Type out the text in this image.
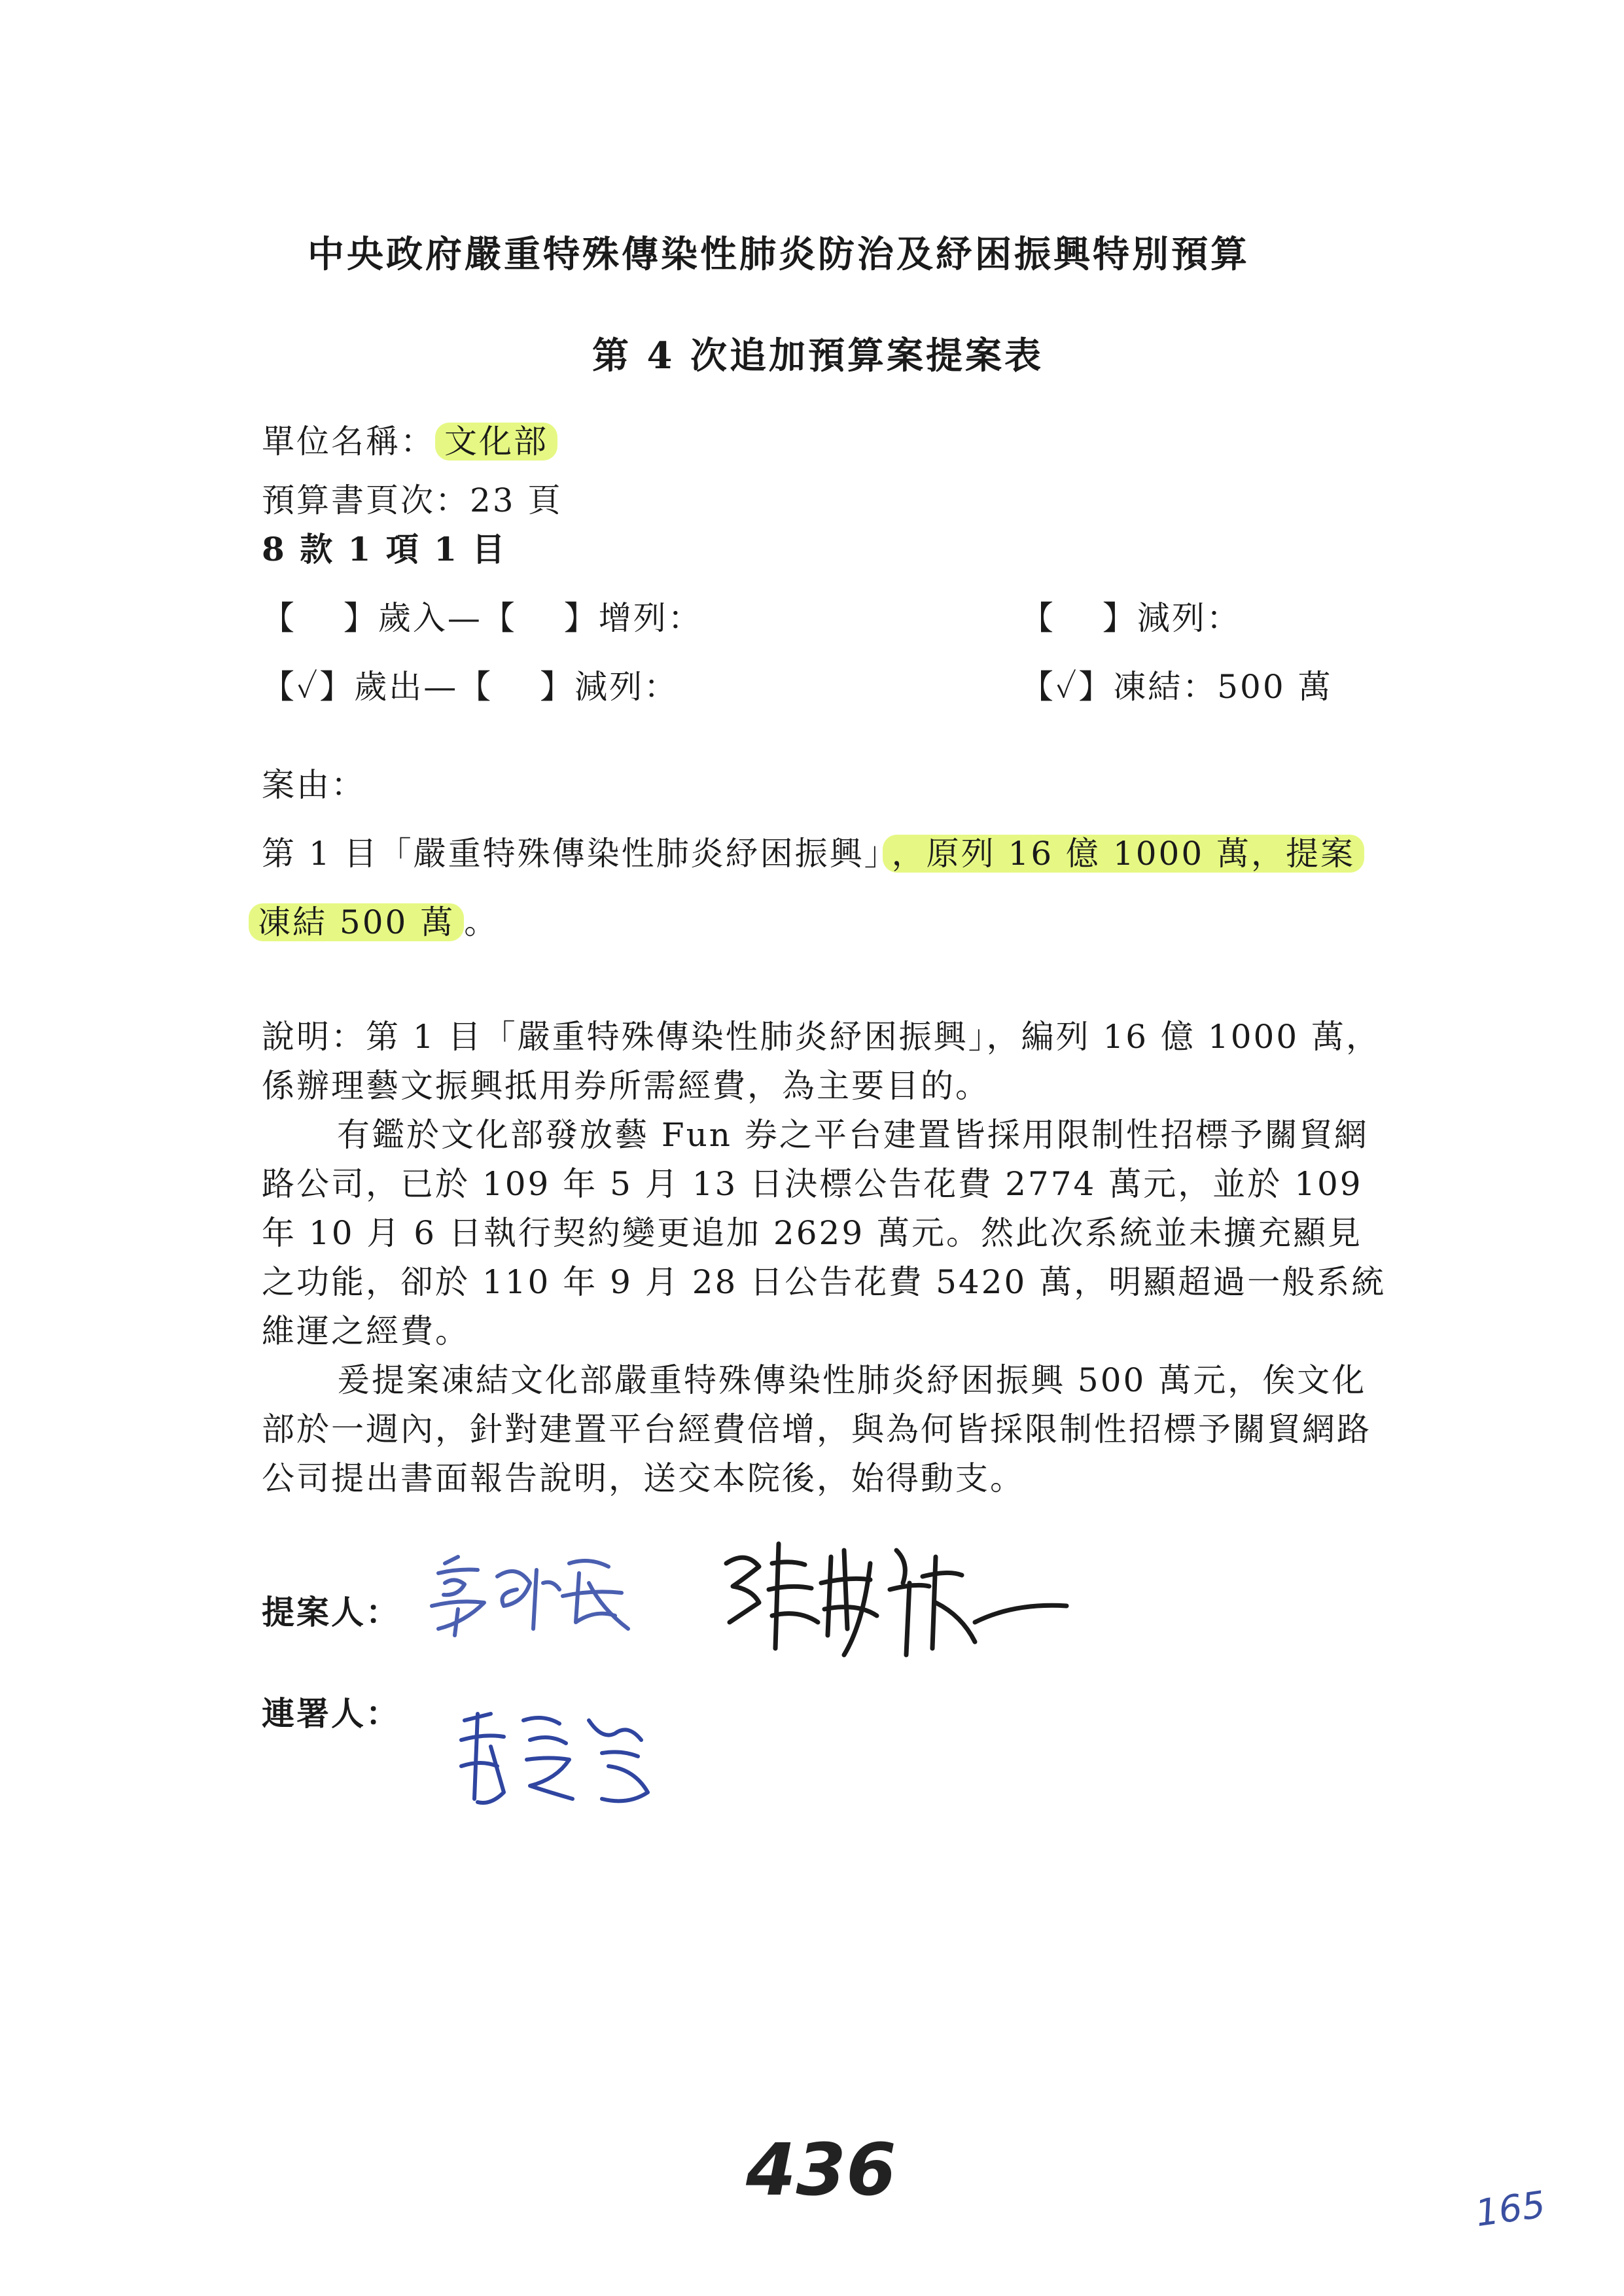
中央政府嚴重特殊傳染性肺炎防治及紓困振興特別預算
第 4 次追加預算案提案表
單位名稱： 文化部
預算書頁次：23 頁
8 款 1 項 1 目
【　 】歲入—【　 】增列：	【　 】減列：
【✓】歲出—【　 】減列：	【✓】凍結：500 萬
案由：
第 1 目「嚴重特殊傳染性肺炎紓困振興」 ，原列 16 億 1000 萬，提案
凍結 500 萬 。

說明：第 1 目「嚴重特殊傳染性肺炎紓困振興」，編列 16 億 1000 萬，係辦理藝文振興抵用券所需經費，為主要目的。

有鑑於文化部發放藝 Fun 券之平台建置皆採用限制性招標予關貿網路公司，已於 109 年 5 月 13 日決標公告花費 2774 萬元，並於 109 年 10 月 6 日執行契約變更追加 2629 萬元。然此次系統並未擴充顯見之功能，卻於 110 年 9 月 28 日公告花費 5420 萬，明顯超過一般系統維運之經費。

爰提案凍結文化部嚴重特殊傳染性肺炎紓困振興 500 萬元，俟文化部於一週內，針對建置平台經費倍增，與為何皆採限制性招標予關貿網路公司提出書面報告說明，送交本院後，始得動支。

提案人：
連署人：
436	165
